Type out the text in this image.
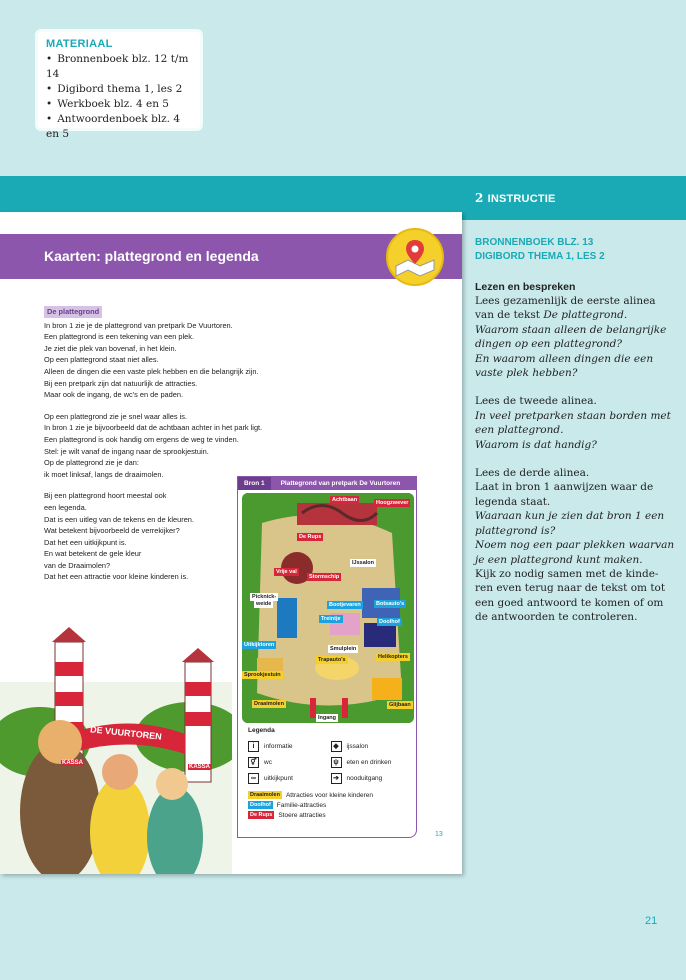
MATERIAAL
• Bronnenboek blz. 12 t/m 14
• Digibord thema 1, les 2
• Werkboek blz. 4 en 5
• Antwoordenboek blz. 4 en 5
2 INSTRUCTIE
Kaarten: plattegrond en legenda
De plattegrond

In bron 1 zie je de plattegrond van pretpark De Vuurtoren.
Een plattegrond is een tekening van een plek.
Je ziet die plek van bovenaf, in het klein.
Op een plattegrond staat niet alles.
Alleen de dingen die een vaste plek hebben en die belangrijk zijn.
Bij een pretpark zijn dat natuurlijk de attracties.
Maar ook de ingang, de wc's en de paden.

Op een plattegrond zie je snel waar alles is.
In bron 1 zie je bijvoorbeeld dat de achtbaan achter in het park ligt.
Een plattegrond is ook handig om ergens de weg te vinden.
Stel: je wilt vanaf de ingang naar de sprookjestuin.
Op de plattegrond zie je dan:
ik moet linksaf, langs de draaimolen.

Bij een plattegrond hoort meestal ook
een legenda.
Dat is een uitleg van de tekens en de kleuren.
Wat betekent bijvoorbeeld de verrekijker?
Dat het een uitkijkpunt is.
En wat betekent de gele kleur
van de Draaimolen?
Dat het een attractie voor kleine kinderen is.

Bron 1	Plattegrond van pretpark De Vuurtoren
Achtbaan	Hoogzwever
De Rups
Vrije val
Stormschip
IJssalon
Picknick-
weide	Bootjevaren	Botsauto's
Treintje	Doolhof
Uitkijktoren
Smulplein
Helikopters
Trapauto's
Sprookjestuin
Draaimolen	Glijbaan
Ingang
Legenda
i	informatie	◆	ijssalon
⚥	wc	ψ	eten en drinken
∞	uitkijkpunt	➔	nooduitgang
Draaimolen Attracties voor kleine kinderen
Doolhof Familie-attracties
De Rups Stoere attracties
13
DE VUURTOREN
KASSA
KASSA
BRONNENBOEK BLZ. 13
DIGIBORD THEMA 1, LES 2
Lezen en bespreken
Lees gezamenlijk de eerste alinea
van de tekst De plattegrond.
Waarom staan alleen de belangrijke
dingen op een plattegrond?
En waarom alleen dingen die een
vaste plek hebben?
Lees de tweede alinea.
In veel pretparken staan borden met
een plattegrond.
Waarom is dat handig?
Lees de derde alinea.
Laat in bron 1 aanwijzen waar de
legenda staat.
Waaraan kun je zien dat bron 1 een
plattegrond is?
Noem nog een paar plekken waarvan
je een plattegrond kunt maken.
Kijk zo nodig samen met de kinde-
ren even terug naar de tekst om tot
een goed antwoord te komen of om
de antwoorden te controleren.
21
